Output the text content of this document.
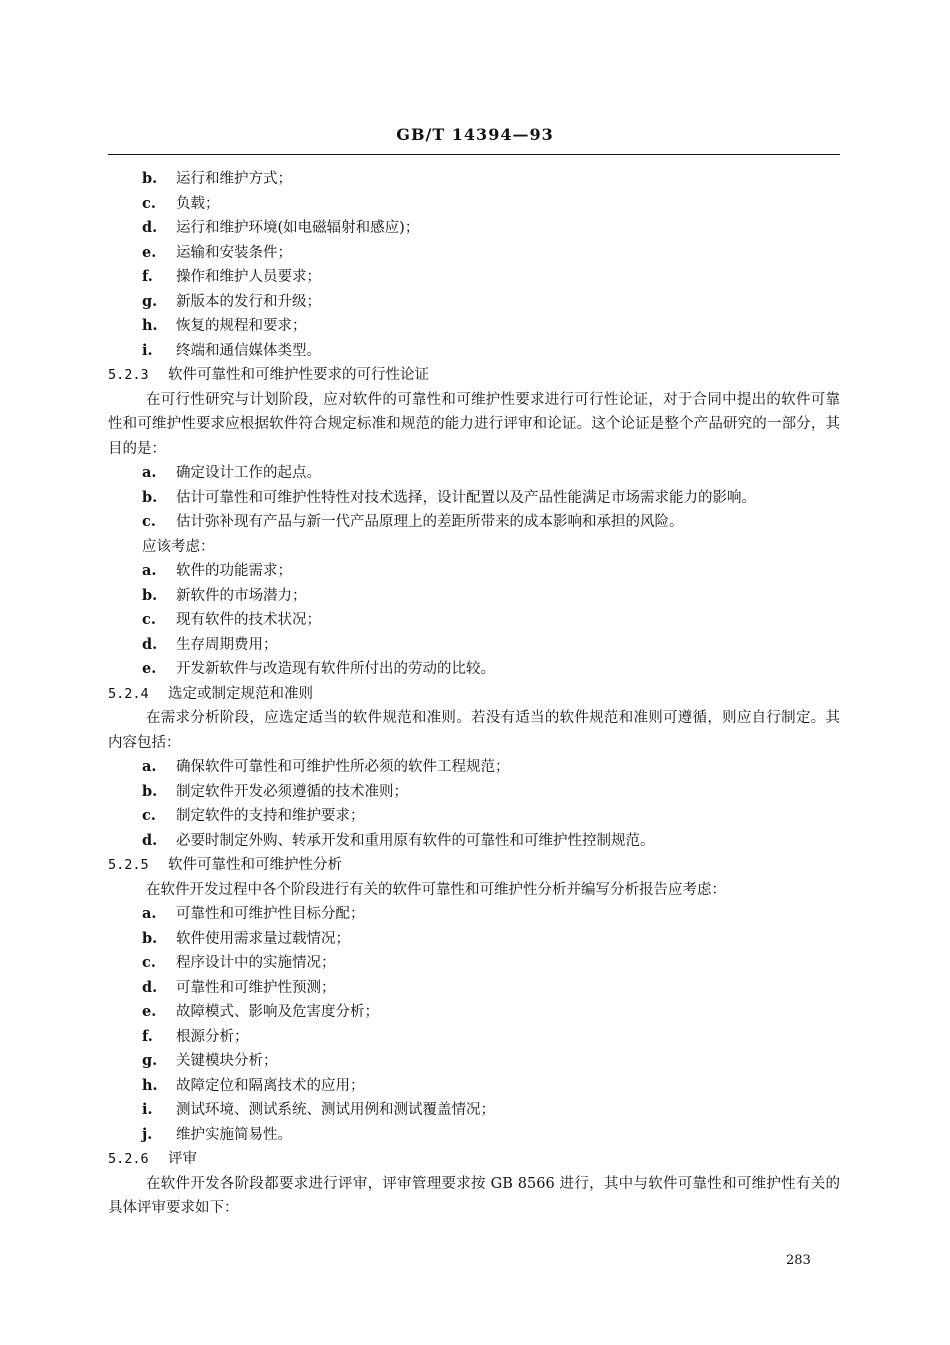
GB/T 14394—93
b. 运行和维护方式；
c. 负载；
d. 运行和维护环境(如电磁辐射和感应)；
e. 运输和安装条件；
f. 操作和维护人员要求；
g. 新版本的发行和升级；
h. 恢复的规程和要求；
i. 终端和通信媒体类型。
5.2.3 软件可靠性和可维护性要求的可行性论证
在可行性研究与计划阶段，应对软件的可靠性和可维护性要求进行可行性论证，对于合同中提出的软件可靠性和可维护性要求应根据软件符合规定标准和规范的能力进行评审和论证。这个论证是整个产品研究的一部分，其目的是：
a. 确定设计工作的起点。
b. 估计可靠性和可维护性特性对技术选择，设计配置以及产品性能满足市场需求能力的影响。
c. 估计弥补现有产品与新一代产品原理上的差距所带来的成本影响和承担的风险。
应该考虑：
a. 软件的功能需求；
b. 新软件的市场潜力；
c. 现有软件的技术状况；
d. 生存周期费用；
e. 开发新软件与改造现有软件所付出的劳动的比较。
5.2.4 选定或制定规范和准则
在需求分析阶段，应选定适当的软件规范和准则。若没有适当的软件规范和准则可遵循，则应自行制定。其内容包括：
a. 确保软件可靠性和可维护性所必须的软件工程规范；
b. 制定软件开发必须遵循的技术准则；
c. 制定软件的支持和维护要求；
d. 必要时制定外购、转承开发和重用原有软件的可靠性和可维护性控制规范。
5.2.5 软件可靠性和可维护性分析
在软件开发过程中各个阶段进行有关的软件可靠性和可维护性分析并编写分析报告应考虑：
a. 可靠性和可维护性目标分配；
b. 软件使用需求量过载情况；
c. 程序设计中的实施情况；
d. 可靠性和可维护性预测；
e. 故障模式、影响及危害度分析；
f. 根源分析；
g. 关键模块分析；
h. 故障定位和隔离技术的应用；
i. 测试环境、测试系统、测试用例和测试覆盖情况；
j. 维护实施简易性。
5.2.6 评审
在软件开发各阶段都要求进行评审，评审管理要求按 GB 8566 进行，其中与软件可靠性和可维护性有关的具体评审要求如下：
283
